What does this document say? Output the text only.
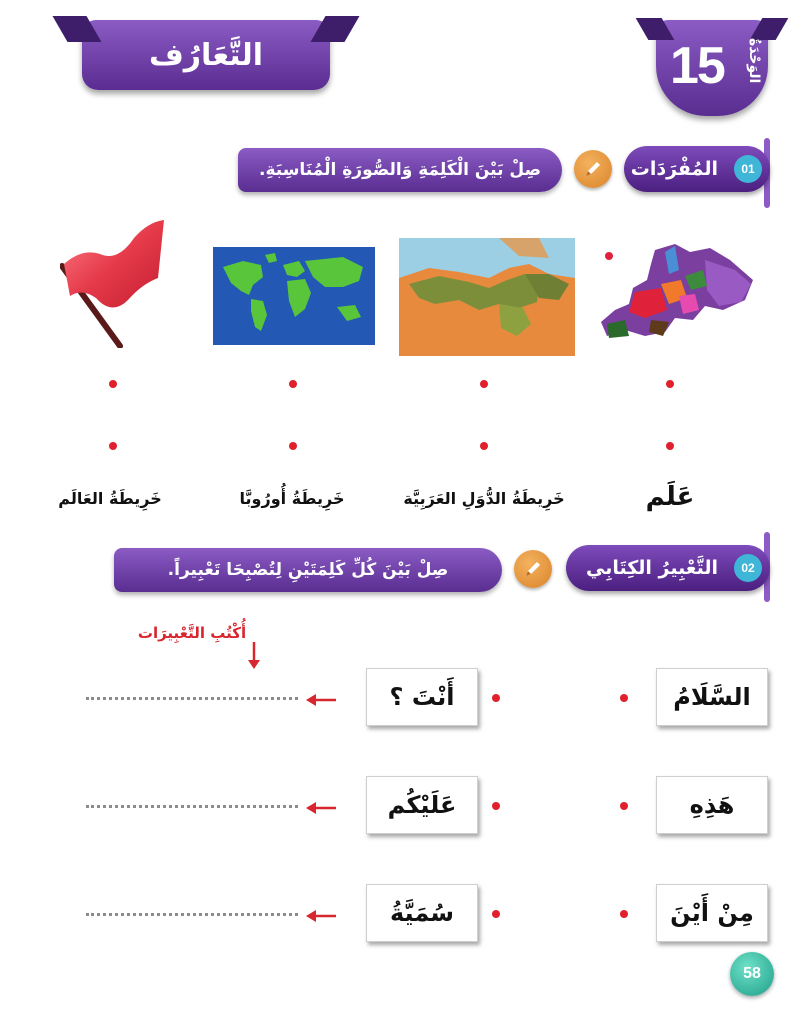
التَّعَارُف	15 الوَحْدَةُ
المُفْرَدَات	01
صِلْ بَيْنَ الْكَلِمَةِ وَالصُّورَةِ الْمُنَاسِبَةِ.
عَلَم
خَرِيطَةُ الدُّوَلِ العَرَبِيَّة
خَرِيطَةُ أُورُوبَّا
خَرِيطَةُ العَالَم
التَّعْبِيرُ الكِتَابِي	02
صِلْ بَيْنَ كُلِّ كَلِمَتَيْنِ لِتُصْبِحَا تَعْبِيراً.
أُكْتُبِ التَّعْبِيرَات
السَّلَامُ
أَنْتَ ؟
هَذِهِ
عَلَيْكُم
مِنْ أَيْنَ
سُمَيَّةُ
58
